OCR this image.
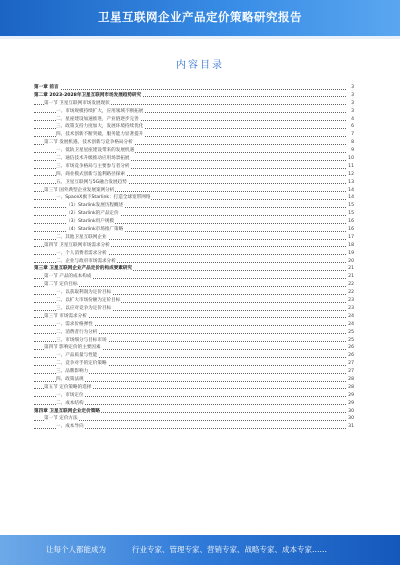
卫星互联网企业产品定价策略研究报告
内容目录
第一章 前言	3
第二章 2023-2028年卫星互联网市场发展趋势研究	3
第一节 卫星互联网市场发展现状	3
一、市场规模持续扩大，应用领域不断拓展	3
二、星座建设加速推进，产业链逐步完善	4
三、政策支持力度加大，发展环境持续优化	6
四、技术创新不断突破，服务能力显著提升	7
第二节 发展机遇、技术创新与竞争格局分析	8
一、低轨卫星星座建设带来的发展机遇	9
二、通信技术升级推动应用场景拓展	10
三、市场竞争格局与主要参与者分析	11
四、商业模式创新与盈利路径探索	12
五、卫星互联网与5G融合发展趋势	13
第三节 国外典型企业发展案例分析	14
一、SpaceX旗下Starlink：打造全球宽带网络	14
（1）Starlink发展历程概述	15
（2）Starlink的产品定价	15
（3）Starlink用户规模	16
（4）Starlink市场推广策略	16
二、其他卫星互联网企业	17
第四节 卫星互联网市场需求分析	18
一、个人消费者需求分析	19
二、企业与政府市场需求分析	20
第三章 卫星互联网企业产品定价的构成要素研究	21
第一节 产品的成本构成	21
第二节 定价目标	22
一、以获取利润为定价目标	22
二、以扩大市场份额为定价目标	23
三、以应对竞争为定价目标	23
第三节 市场需求分析	24
一、需求价格弹性	24
二、消费者行为分析	25
三、市场细分与目标市场	25
第四节 影响定价的主要因素	26
一、产品质量与性能	26
二、竞争对手的定价策略	27
三、品牌影响力	27
四、政策法规	28
第五节 定价策略的选择	28
一、市场定位	29
二、成本结构	29
第四章 卫星互联网企业定价策略	30
第一节 定价方法	30
一、成本导向	31
让每个人都能成为	行业专家、管理专家、营销专家、战略专家、成本专家……
